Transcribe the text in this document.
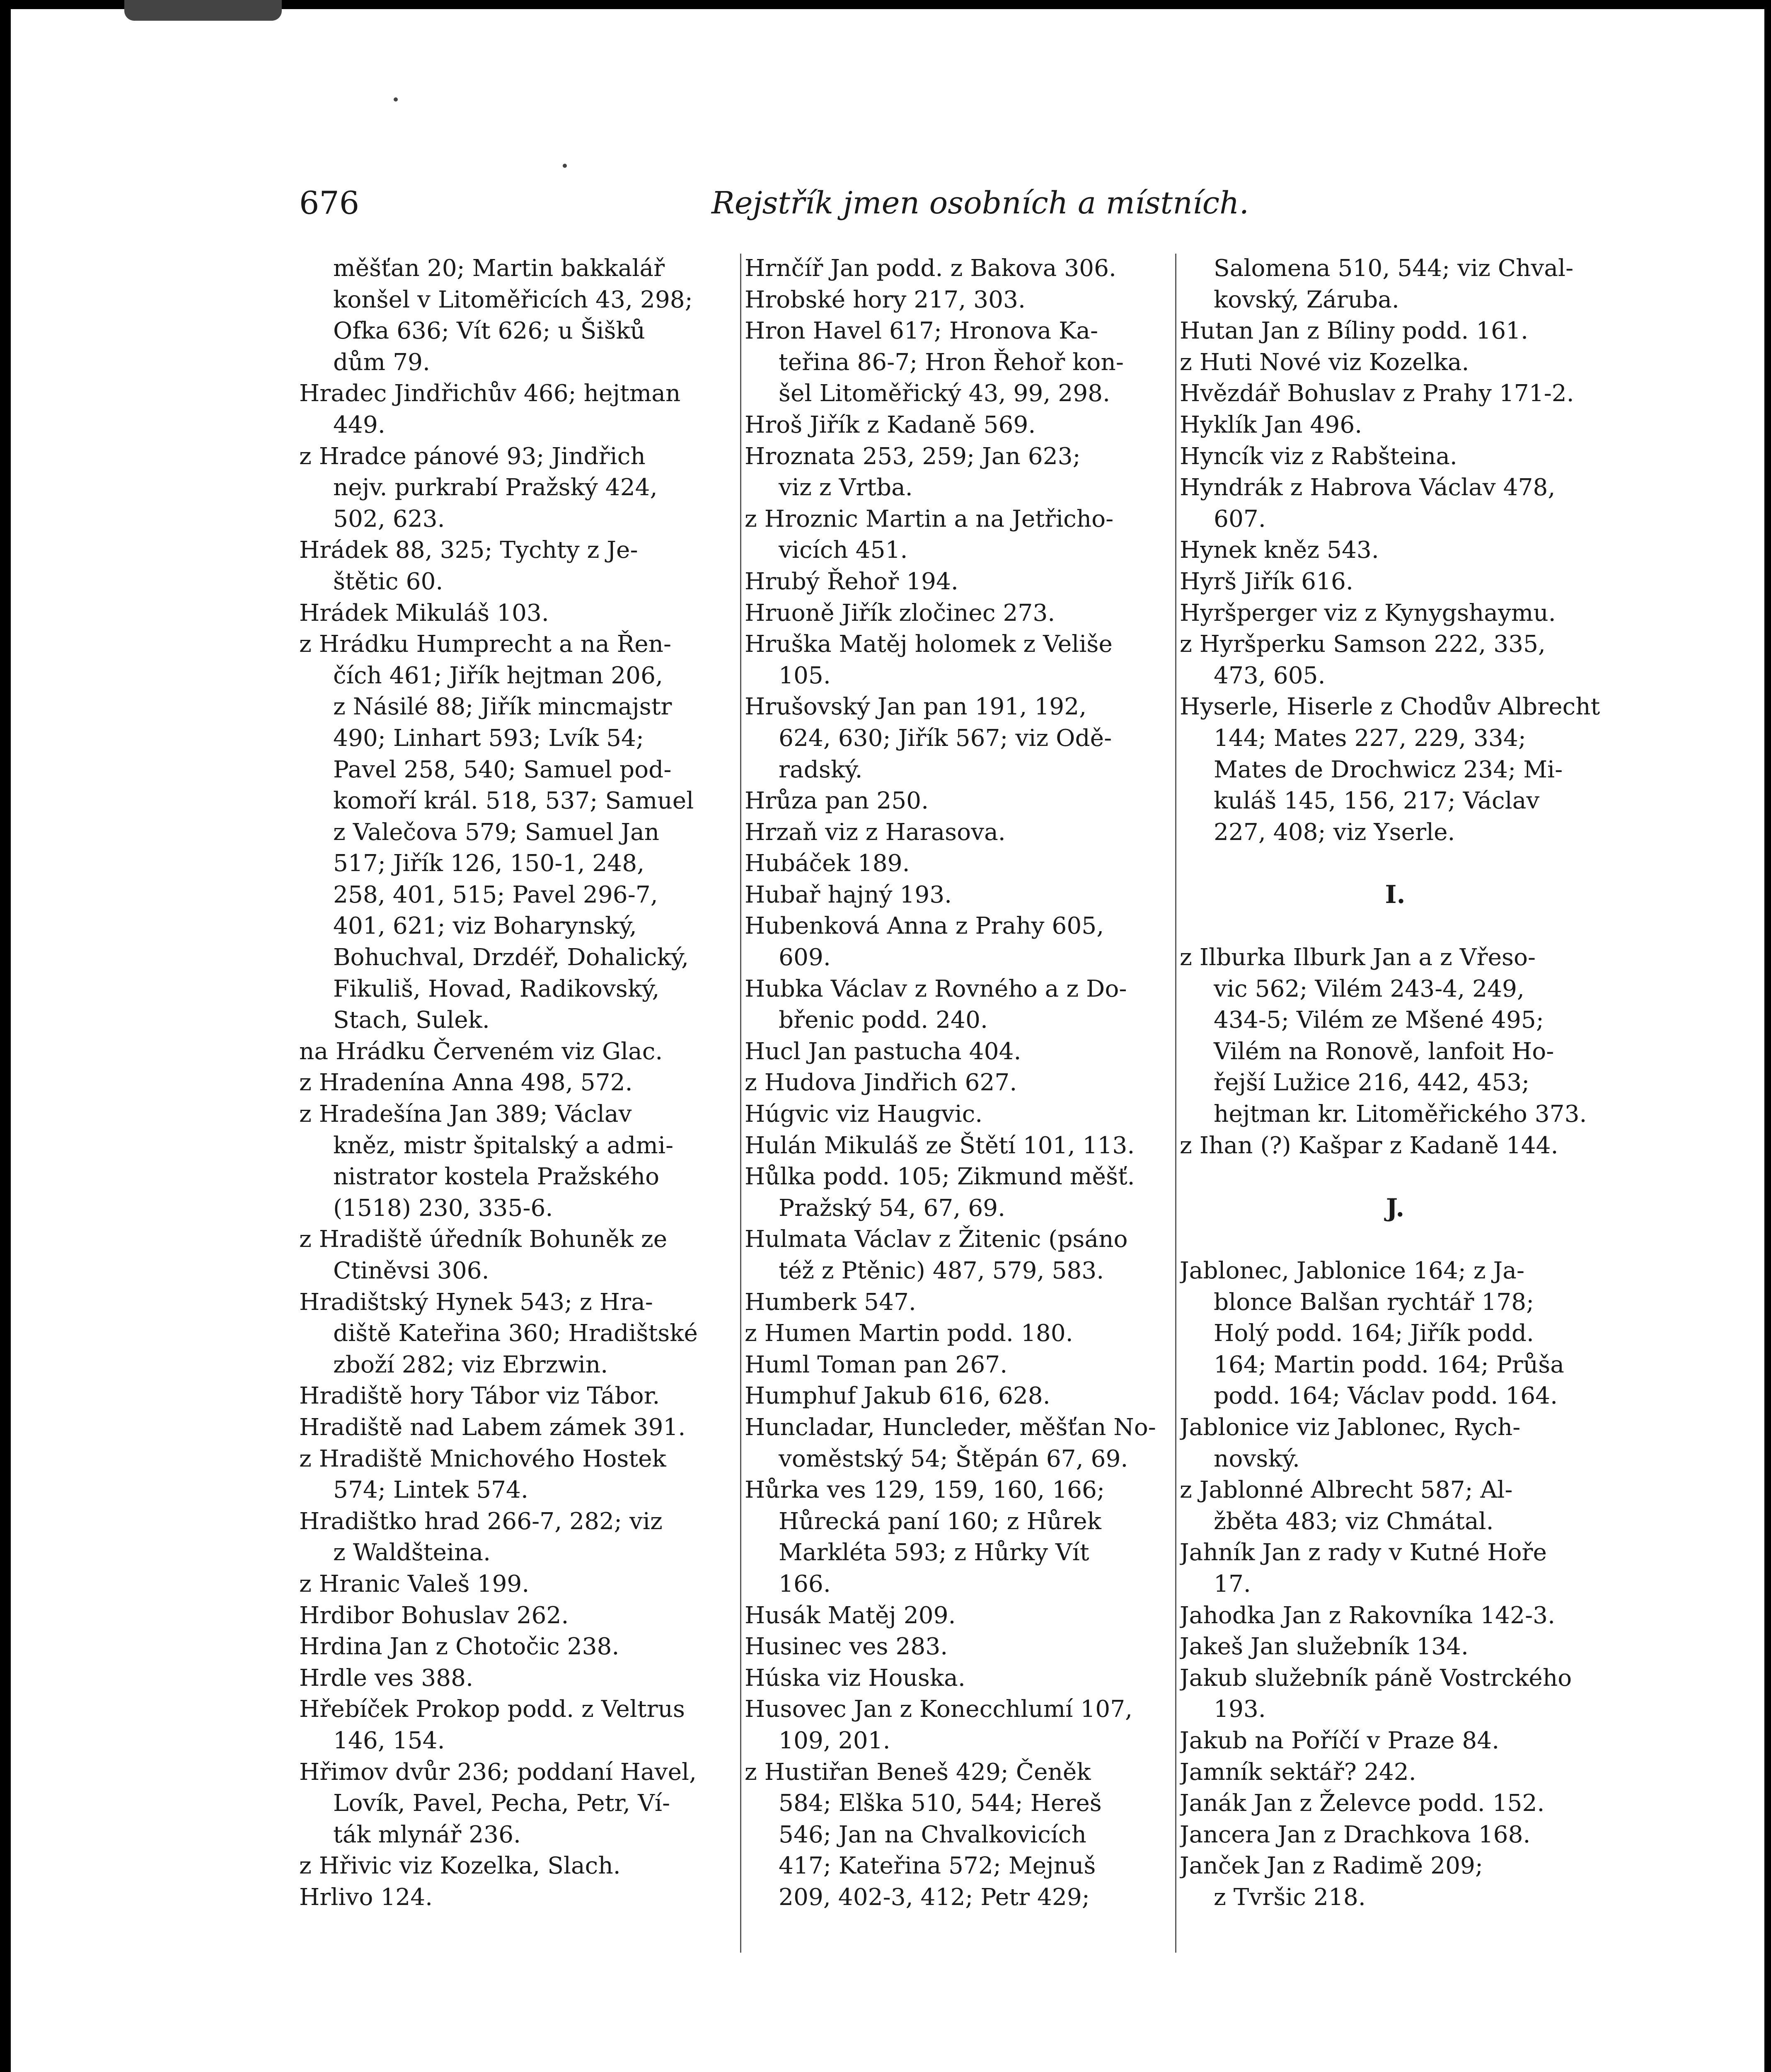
676	Rejstřík jmen osobních a místních.
měšťan 20; Martin bakkalář
konšel v Litoměřicích 43, 298;
Ofka 636; Vít 626; u Šišků
dům 79.
Hradec Jindřichův 466; hejtman
449.
z Hradce pánové 93; Jindřich
nejv. purkrabí Pražský 424,
502, 623.
Hrádek 88, 325; Tychty z Je-
štětic 60.
Hrádek Mikuláš 103.
z Hrádku Humprecht a na Řen-
čích 461; Jiřík hejtman 206,
z Násilé 88; Jiřík mincmajstr
490; Linhart 593; Lvík 54;
Pavel 258, 540; Samuel pod-
komoří král. 518, 537; Samuel
z Valečova 579; Samuel Jan
517; Jiřík 126, 150-1, 248,
258, 401, 515; Pavel 296-7,
401, 621; viz Boharynský,
Bohuchval, Drzdéř, Dohalický,
Fikuliš, Hovad, Radikovský,
Stach, Sulek.
na Hrádku Červeném viz Glac.
z Hradenína Anna 498, 572.
z Hradešína Jan 389; Václav
kněz, mistr špitalský a admi-
nistrator kostela Pražského
(1518) 230, 335-6.
z Hradiště úředník Bohuněk ze
Ctiněvsi 306.
Hradištský Hynek 543; z Hra-
diště Kateřina 360; Hradištské
zboží 282; viz Ebrzwin.
Hradiště hory Tábor viz Tábor.
Hradiště nad Labem zámek 391.
z Hradiště Mnichového Hostek
574; Lintek 574.
Hradištko hrad 266-7, 282; viz
z Waldšteina.
z Hranic Valeš 199.
Hrdibor Bohuslav 262.
Hrdina Jan z Chotočic 238.
Hrdle ves 388.
Hřebíček Prokop podd. z Veltrus
146, 154.
Hřimov dvůr 236; poddaní Havel,
Lovík, Pavel, Pecha, Petr, Ví-
ták mlynář 236.
z Hřivic viz Kozelka, Slach.
Hrlivo 124.
Hrnčíř Jan podd. z Bakova 306.
Hrobské hory 217, 303.
Hron Havel 617; Hronova Ka-
teřina 86-7; Hron Řehoř kon-
šel Litoměřický 43, 99, 298.
Hroš Jiřík z Kadaně 569.
Hroznata 253, 259; Jan 623;
viz z Vrtba.
z Hroznic Martin a na Jetřicho-
vicích 451.
Hrubý Řehoř 194.
Hruoně Jiřík zločinec 273.
Hruška Matěj holomek z Veliše
105.
Hrušovský Jan pan 191, 192,
624, 630; Jiřík 567; viz Odě-
radský.
Hrůza pan 250.
Hrzaň viz z Harasova.
Hubáček 189.
Hubař hajný 193.
Hubenková Anna z Prahy 605,
609.
Hubka Václav z Rovného a z Do-
břenic podd. 240.
Hucl Jan pastucha 404.
z Hudova Jindřich 627.
Húgvic viz Haugvic.
Hulán Mikuláš ze Štětí 101, 113.
Hůlka podd. 105; Zikmund měšť.
Pražský 54, 67, 69.
Hulmata Václav z Žitenic (psáno
též z Ptěnic) 487, 579, 583.
Humberk 547.
z Humen Martin podd. 180.
Huml Toman pan 267.
Humphuf Jakub 616, 628.
Huncladar, Huncleder, měšťan No-
voměstský 54; Štěpán 67, 69.
Hůrka ves 129, 159, 160, 166;
Hůrecká paní 160; z Hůrek
Markléta 593; z Hůrky Vít
166.
Husák Matěj 209.
Husinec ves 283.
Húska viz Houska.
Husovec Jan z Konecchlumí 107,
109, 201.
z Hustiřan Beneš 429; Čeněk
584; Elška 510, 544; Hereš
546; Jan na Chvalkovicích
417; Kateřina 572; Mejnuš
209, 402-3, 412; Petr 429;
Salomena 510, 544; viz Chval-
kovský, Záruba.
Hutan Jan z Bíliny podd. 161.
z Huti Nové viz Kozelka.
Hvězdář Bohuslav z Prahy 171-2.
Hyklík Jan 496.
Hyncík viz z Rabšteina.
Hyndrák z Habrova Václav 478,
607.
Hynek kněz 543.
Hyrš Jiřík 616.
Hyršperger viz z Kynygshaymu.
z Hyršperku Samson 222, 335,
473, 605.
Hyserle, Hiserle z Chodův Albrecht
144; Mates 227, 229, 334;
Mates de Drochwicz 234; Mi-
kuláš 145, 156, 217; Václav
227, 408; viz Yserle.
I.
z Ilburka Ilburk Jan a z Vřeso-
vic 562; Vilém 243-4, 249,
434-5; Vilém ze Mšené 495;
Vilém na Ronově, lanfoit Ho-
řejší Lužice 216, 442, 453;
hejtman kr. Litoměřického 373.
z Ihan (?) Kašpar z Kadaně 144.
J.
Jablonec, Jablonice 164; z Ja-
blonce Balšan rychtář 178;
Holý podd. 164; Jiřík podd.
164; Martin podd. 164; Průša
podd. 164; Václav podd. 164.
Jablonice viz Jablonec, Rych-
novský.
z Jablonné Albrecht 587; Al-
žběta 483; viz Chmátal.
Jahník Jan z rady v Kutné Hoře
17.
Jahodka Jan z Rakovníka 142-3.
Jakeš Jan služebník 134.
Jakub služebník páně Vostrckého
193.
Jakub na Poříčí v Praze 84.
Jamník sektář? 242.
Janák Jan z Želevce podd. 152.
Jancera Jan z Drachkova 168.
Janček Jan z Radimě 209;
z Tvršic 218.
